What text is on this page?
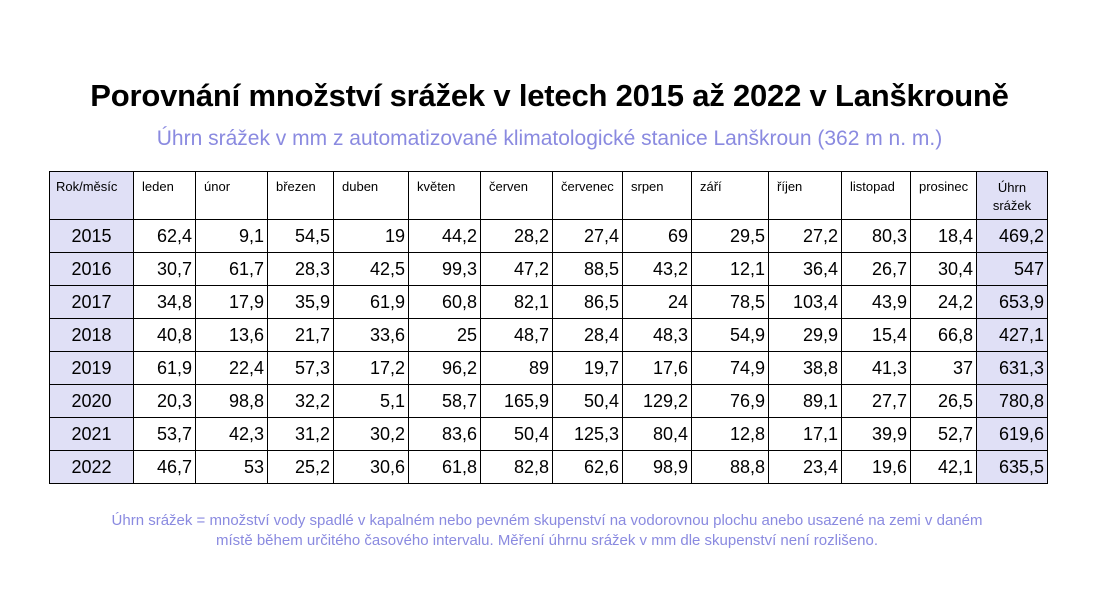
Porovnání množství srážek v letech 2015 až 2022 v Lanškrouně
Úhrn srážek v mm z automatizované klimatologické stanice Lanškroun (362 m n. m.)
Rok/měsíc	leden	únor	březen	duben	květen	červen	červenec	srpen	září	říjen	listopad	prosinec	Úhrn
srážek

2015	62,4	9,1	54,5	19	44,2	28,2	27,4	69	29,5	27,2	80,3	18,4	469,2
2016	30,7	61,7	28,3	42,5	99,3	47,2	88,5	43,2	12,1	36,4	26,7	30,4	547
2017	34,8	17,9	35,9	61,9	60,8	82,1	86,5	24	78,5	103,4	43,9	24,2	653,9
2018	40,8	13,6	21,7	33,6	25	48,7	28,4	48,3	54,9	29,9	15,4	66,8	427,1
2019	61,9	22,4	57,3	17,2	96,2	89	19,7	17,6	74,9	38,8	41,3	37	631,3
2020	20,3	98,8	32,2	5,1	58,7	165,9	50,4	129,2	76,9	89,1	27,7	26,5	780,8
2021	53,7	42,3	31,2	30,2	83,6	50,4	125,3	80,4	12,8	17,1	39,9	52,7	619,6
2022	46,7	53	25,2	30,6	61,8	82,8	62,6	98,9	88,8	23,4	19,6	42,1	635,5
Úhrn srážek = množství vody spadlé v kapalném nebo pevném skupenství na vodorovnou plochu anebo usazené na zemi v daném
místě během určitého časového intervalu. Měření úhrnu srážek v mm dle skupenství není rozlišeno.
